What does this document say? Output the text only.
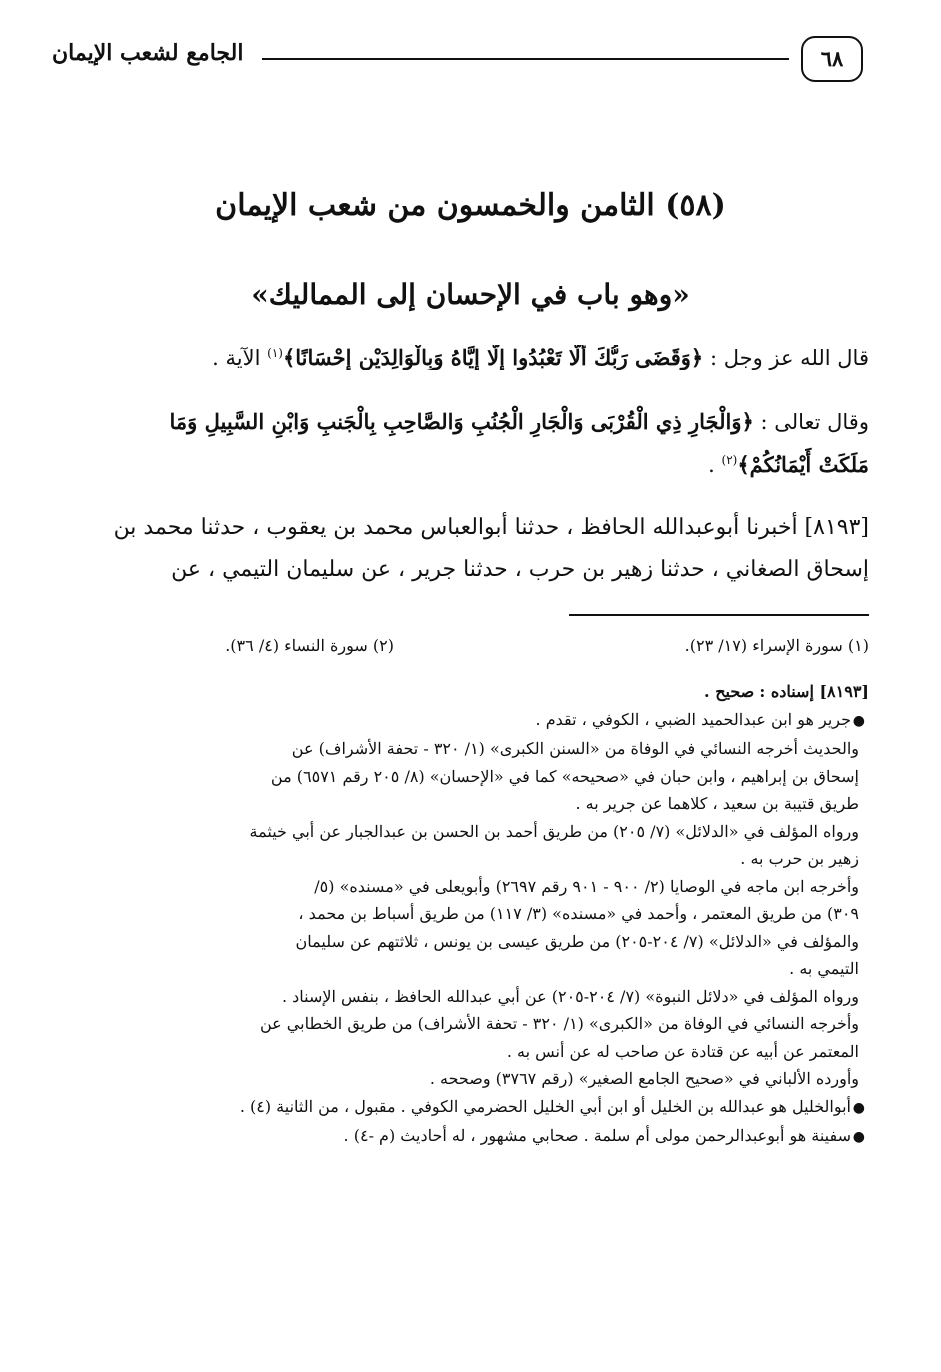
٦٨
الجامع لشعب الإيمان
(٥٨) الثامن والخمسون من شعب الإيمان
«وهو باب في الإحسان إلى المماليك»
قال الله عز وجل : ﴿وَقَضَى رَبُّكَ أَلَّا تَعْبُدُوا إِلَّا إِيَّاهُ وَبِالْوَالِدَيْنِ إِحْسَانًا﴾$^{(١)}$ الآية .
وقال تعالى : ﴿وَالْجَارِ ذِي الْقُرْبَى وَالْجَارِ الْجُنُبِ وَالصَّاحِبِ بِالْجَنبِ وَابْنِ السَّبِيلِ وَمَا
مَلَكَتْ أَيْمَانُكُمْ﴾$^{(٢)}$ .
[٨١٩٣] أخبرنا أبوعبدالله الحافظ ، حدثنا أبوالعباس محمد بن يعقوب ، حدثنا محمد بن
إسحاق الصغاني ، حدثنا زهير بن حرب ، حدثنا جرير ، عن سليمان التيمي ، عن
(١) سورة الإسراء (١٧/ ٢٣).
(٢) سورة النساء (٤/ ٣٦).
[٨١٩٣] إسناده : صحيح .
●جرير هو ابن عبدالحميد الضبي ، الكوفي ، تقدم .
والحديث أخرجه النسائي في الوفاة من «السنن الكبرى» (١/ ٣٢٠ - تحفة الأشراف) عن
إسحاق بن إبراهيم ، وابن حبان في «صحيحه» كما في «الإحسان» (٨/ ٢٠٥ رقم ٦٥٧١) من
طريق قتيبة بن سعيد ، كلاهما عن جرير به .
ورواه المؤلف في «الدلائل» (٧/ ٢٠٥) من طريق أحمد بن الحسن بن عبدالجبار عن أبي خيثمة
زهير بن حرب به .
وأخرجه ابن ماجه في الوصايا (٢/ ٩٠٠ - ٩٠١ رقم ٢٦٩٧) وأبويعلى في «مسنده» (٥/
٣٠٩) من طريق المعتمر ، وأحمد في «مسنده» (٣/ ١١٧) من طريق أسباط بن محمد ،
والمؤلف في «الدلائل» (٧/ ٢٠٤-٢٠٥) من طريق عيسى بن يونس ، ثلاثتهم عن سليمان
التيمي به .
ورواه المؤلف في «دلائل النبوة» (٧/ ٢٠٤-٢٠٥) عن أبي عبدالله الحافظ ، بنفس الإسناد .
وأخرجه النسائي في الوفاة من «الكبرى» (١/ ٣٢٠ - تحفة الأشراف) من طريق الخطابي عن
المعتمر عن أبيه عن قتادة عن صاحب له عن أنس به .
وأورده الألباني في «صحيح الجامع الصغير» (رقم ٣٧٦٧) وصححه .
●أبوالخليل هو عبدالله بن الخليل أو ابن أبي الخليل الحضرمي الكوفي . مقبول ، من الثانية (٤) .
●سفينة هو أبوعبدالرحمن مولى أم سلمة . صحابي مشهور ، له أحاديث (م -٤) .
